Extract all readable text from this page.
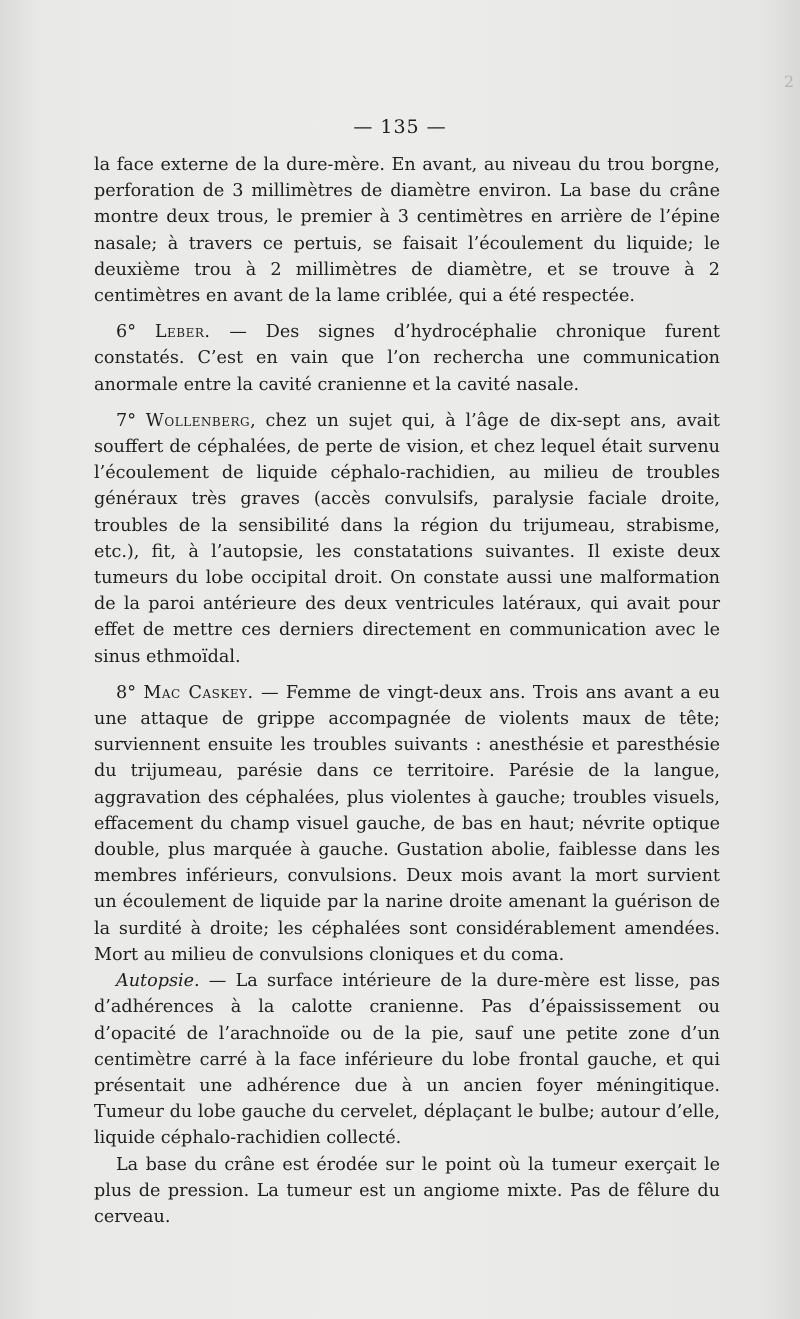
2
— 135 —

la face externe de la dure-mère. En avant, au niveau du trou borgne, perforation de 3 millimètres de diamètre environ. La base du crâne montre deux trous, le premier à 3 centimètres en arrière de l’épine nasale; à travers ce pertuis, se faisait l’écoulement du liquide; le deuxième trou à 2 millimètres de diamètre, et se trouve à 2 centimètres en avant de la lame criblée, qui a été respectée.

6° Leber. — Des signes d’hydrocéphalie chronique furent constatés. C’est en vain que l’on rechercha une communication anormale entre la cavité cranienne et la cavité nasale.

7° Wollenberg, chez un sujet qui, à l’âge de dix-sept ans, avait souffert de céphalées, de perte de vision, et chez lequel était survenu l’écoulement de liquide céphalo-rachidien, au milieu de troubles généraux très graves (accès convulsifs, paralysie faciale droite, troubles de la sensibilité dans la région du trijumeau, strabisme, etc.), fit, à l’autopsie, les constatations suivantes. Il existe deux tumeurs du lobe occipital droit. On constate aussi une malformation de la paroi antérieure des deux ventricules latéraux, qui avait pour effet de mettre ces derniers directement en communication avec le sinus ethmoïdal.

8° Mac Caskey. — Femme de vingt-deux ans. Trois ans avant a eu une attaque de grippe accompagnée de violents maux de tête; surviennent ensuite les troubles suivants : anesthésie et paresthésie du trijumeau, parésie dans ce territoire. Parésie de la langue, aggravation des céphalées, plus violentes à gauche; troubles visuels, effacement du champ visuel gauche, de bas en haut; névrite optique double, plus marquée à gauche. Gustation abolie, faiblesse dans les membres inférieurs, convulsions. Deux mois avant la mort survient un écoulement de liquide par la narine droite amenant la guérison de la surdité à droite; les céphalées sont considérablement amendées. Mort au milieu de convulsions cloniques et du coma.

Autopsie. — La surface intérieure de la dure-mère est lisse, pas d’adhérences à la calotte cranienne. Pas d’épaississement ou d’opacité de l’arachnoïde ou de la pie, sauf une petite zone d’un centimètre carré à la face inférieure du lobe frontal gauche, et qui présentait une adhérence due à un ancien foyer méningitique. Tumeur du lobe gauche du cervelet, déplaçant le bulbe; autour d’elle, liquide céphalo-rachidien collecté.

La base du crâne est érodée sur le point où la tumeur exerçait le plus de pression. La tumeur est un angiome mixte. Pas de fêlure du cerveau.
